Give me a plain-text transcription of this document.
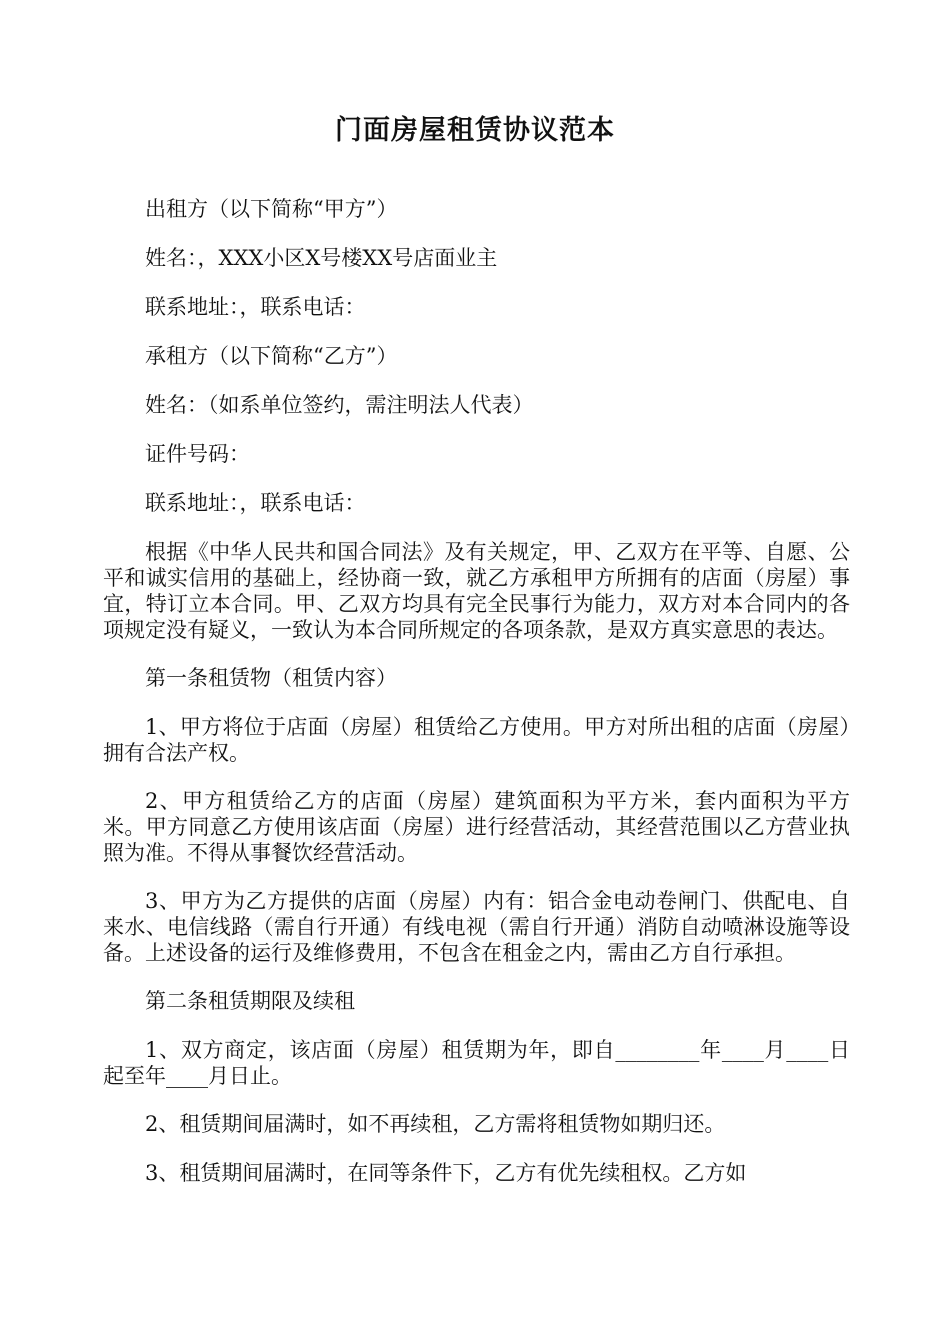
门面房屋租赁协议范本

出租方（以下简称“甲方”）

姓名：，XXX小区X号楼XX号店面业主

联系地址：，联系电话：

承租方（以下简称“乙方”）

姓名：（如系单位签约，需注明法人代表）

证件号码：

联系地址：，联系电话：

根据《中华人民共和国合同法》及有关规定，甲、乙双方在平等、自愿、公平和诚实信用的基础上，经协商一致，就乙方承租甲方所拥有的店面（房屋）事宜，特订立本合同。甲、乙双方均具有完全民事行为能力，双方对本合同内的各项规定没有疑义，一致认为本合同所规定的各项条款，是双方真实意思的表达。

第一条租赁物（租赁内容）

1、甲方将位于店面（房屋）租赁给乙方使用。甲方对所出租的店面（房屋）拥有合法产权。

2、甲方租赁给乙方的店面（房屋）建筑面积为平方米，套内面积为平方米。甲方同意乙方使用该店面（房屋）进行经营活动，其经营范围以乙方营业执照为准。不得从事餐饮经营活动。

3、甲方为乙方提供的店面（房屋）内有：铝合金电动卷闸门、供配电、自来水、电信线路（需自行开通）有线电视（需自行开通）消防自动喷淋设施等设备。上述设备的运行及维修费用，不包含在租金之内，需由乙方自行承担。

第二条租赁期限及续租

1、双方商定，该店面（房屋）租赁期为年，即自________年____月____日起至年____月日止。

2、租赁期间届满时，如不再续租，乙方需将租赁物如期归还。

3、租赁期间届满时，在同等条件下，乙方有优先续租权。乙方如
